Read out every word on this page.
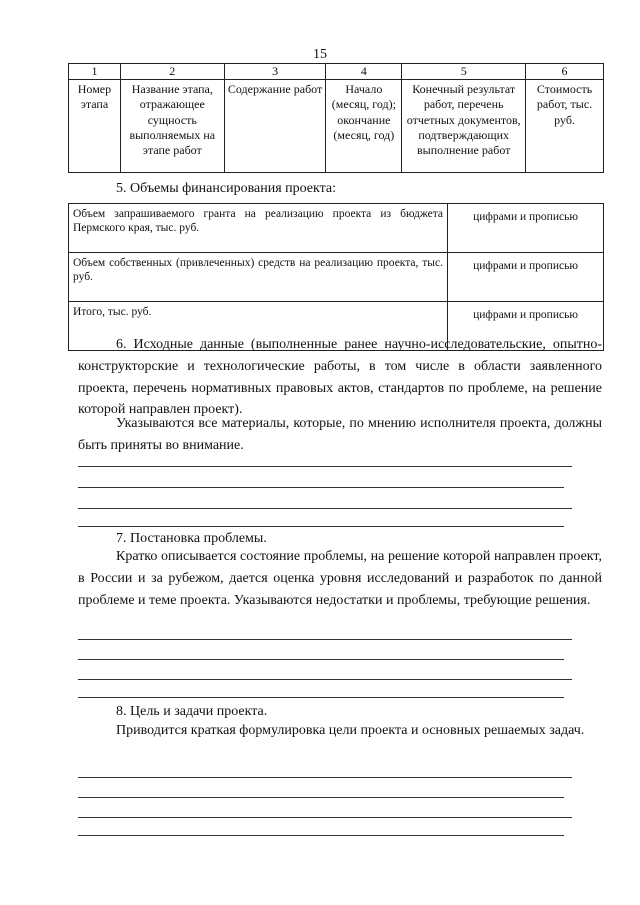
15
1	2	3	4	5	6
Номер этапа	Название этапа, отражающее сущность выполняемых на этапе работ	Содержание работ	Начало (месяц, год); окончание (месяц, год)	Конечный результат работ, перечень отчетных документов, подтверждающих выполнение работ	Стоимость работ, тыс. руб.
5. Объемы финансирования проекта:
Объем запрашиваемого гранта на реализацию проекта из бюджета Пермского края, тыс. руб.	цифрами и прописью
Объем собственных (привлеченных) средств на реализацию проекта, тыс. руб.	цифрами и прописью
Итого, тыс. руб.	цифрами и прописью

6. Исходные данные (выполненные ранее научно-исследовательские, опытно-конструкторские и технологические работы, в том числе в области заявленного проекта, перечень нормативных правовых актов, стандартов по проблеме, на решение которой направлен проект).

Указываются все материалы, которые, по мнению исполнителя проекта, должны быть приняты во внимание.

7. Постановка проблемы.

Кратко описывается состояние проблемы, на решение которой направлен проект, в России и за рубежом, дается оценка уровня исследований и разработок по данной проблеме и теме проекта. Указываются недостатки и проблемы, требующие решения.

8. Цель и задачи проекта.

Приводится краткая формулировка цели проекта и основных решаемых задач.
